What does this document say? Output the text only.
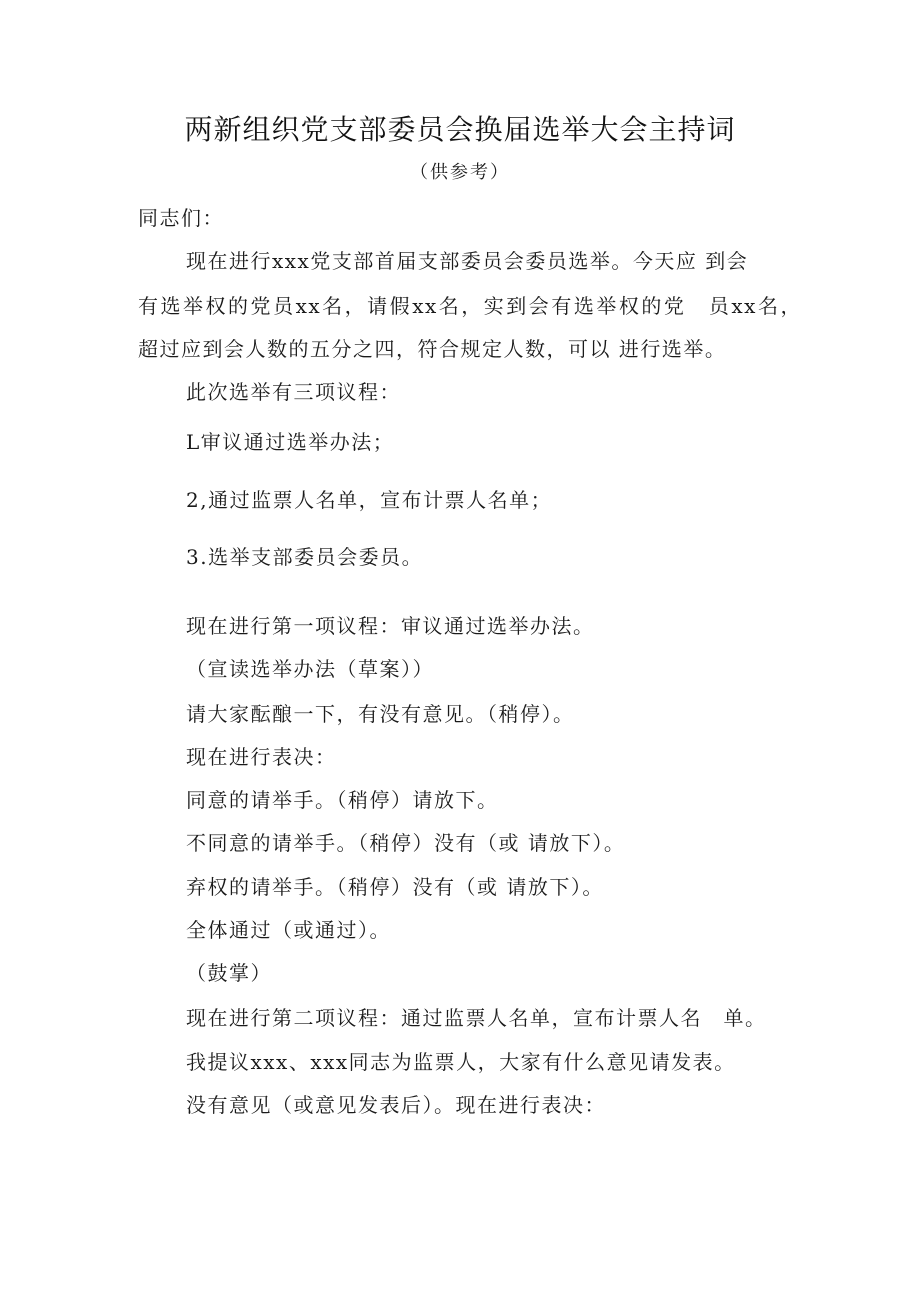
两新组织党支部委员会换届选举大会主持词
（供参考）
同志们：
现在进行xxx党支部首届支部委员会委员选举。今天应 到会
有选举权的党员xx名，请假xx名，实到会有选举权的党　员xx名，
超过应到会人数的五分之四，符合规定人数，可以 进行选举。
此次选举有三项议程：
L审议通过选举办法；
2,通过监票人名单，宣布计票人名单；
3.选举支部委员会委员。
现在进行第一项议程：审议通过选举办法。
（宣读选举办法（草案））
请大家酝酿一下，有没有意见。（稍停）。
现在进行表决：
同意的请举手。（稍停）请放下。
不同意的请举手。（稍停）没有（或 请放下）。
弃权的请举手。（稍停）没有（或 请放下）。
全体通过（或通过）。
（鼓掌）
现在进行第二项议程：通过监票人名单，宣布计票人名　单。
我提议xxx、xxx同志为监票人，大家有什么意见请发表。
没有意见（或意见发表后）。现在进行表决：
